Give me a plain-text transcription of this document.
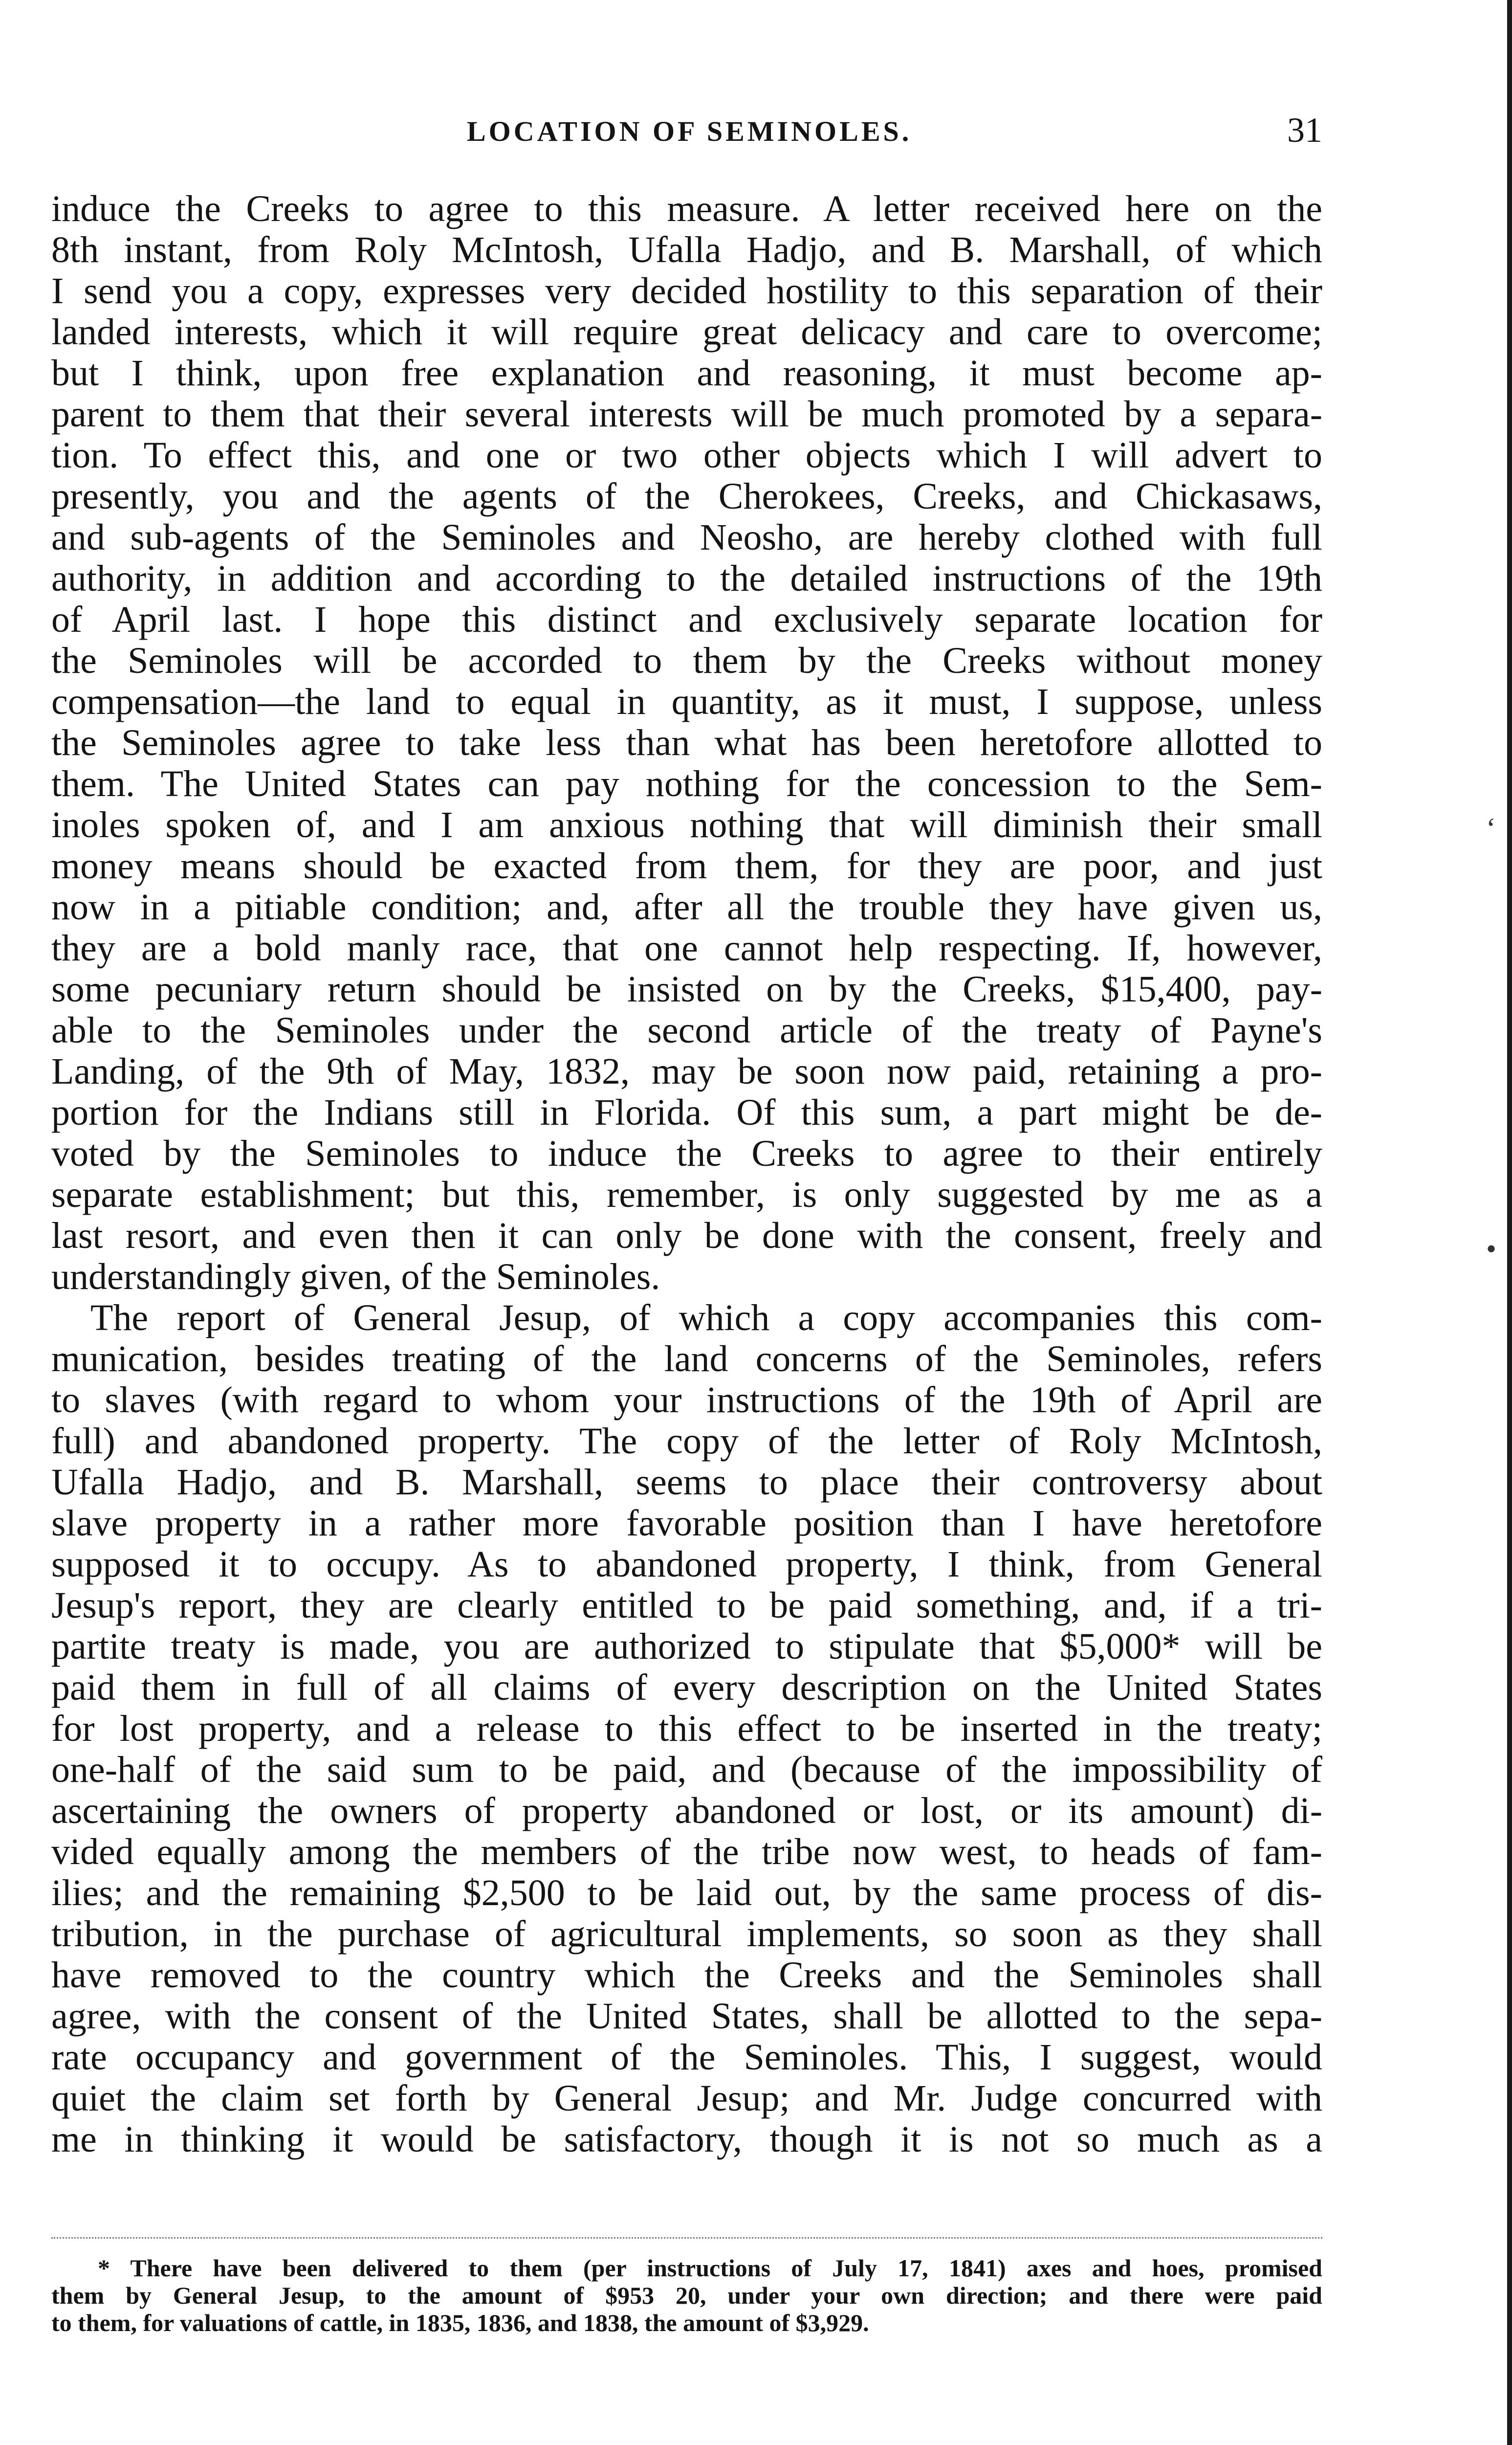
LOCATION OF SEMINOLES.	31
induce the Creeks to agree to this measure. A letter received here on the
8th instant, from Roly McIntosh, Ufalla Hadjo, and B. Marshall, of which
I send you a copy, expresses very decided hostility to this separation of their
landed interests, which it will require great delicacy and care to overcome;
but I think, upon free explanation and reasoning, it must become ap-
parent to them that their several interests will be much promoted by a separa-
tion. To effect this, and one or two other objects which I will advert to
presently, you and the agents of the Cherokees, Creeks, and Chickasaws,
and sub-agents of the Seminoles and Neosho, are hereby clothed with full
authority, in addition and according to the detailed instructions of the 19th
of April last. I hope this distinct and exclusively separate location for
the Seminoles will be accorded to them by the Creeks without money
compensation—the land to equal in quantity, as it must, I suppose, unless
the Seminoles agree to take less than what has been heretofore allotted to
them. The United States can pay nothing for the concession to the Sem-
inoles spoken of, and I am anxious nothing that will diminish their small
money means should be exacted from them, for they are poor, and just
now in a pitiable condition; and, after all the trouble they have given us,
they are a bold manly race, that one cannot help respecting. If, however,
some pecuniary return should be insisted on by the Creeks, $15,400, pay-
able to the Seminoles under the second article of the treaty of Payne's
Landing, of the 9th of May, 1832, may be soon now paid, retaining a pro-
portion for the Indians still in Florida. Of this sum, a part might be de-
voted by the Seminoles to induce the Creeks to agree to their entirely
separate establishment; but this, remember, is only suggested by me as a
last resort, and even then it can only be done with the consent, freely and
understandingly given, of the Seminoles.
The report of General Jesup, of which a copy accompanies this com-
munication, besides treating of the land concerns of the Seminoles, refers
to slaves (with regard to whom your instructions of the 19th of April are
full) and abandoned property. The copy of the letter of Roly McIntosh,
Ufalla Hadjo, and B. Marshall, seems to place their controversy about
slave property in a rather more favorable position than I have heretofore
supposed it to occupy. As to abandoned property, I think, from General
Jesup's report, they are clearly entitled to be paid something, and, if a tri-
partite treaty is made, you are authorized to stipulate that $5,000* will be
paid them in full of all claims of every description on the United States
for lost property, and a release to this effect to be inserted in the treaty;
one-half of the said sum to be paid, and (because of the impossibility of
ascertaining the owners of property abandoned or lost, or its amount) di-
vided equally among the members of the tribe now west, to heads of fam-
ilies; and the remaining $2,500 to be laid out, by the same process of dis-
tribution, in the purchase of agricultural implements, so soon as they shall
have removed to the country which the Creeks and the Seminoles shall
agree, with the consent of the United States, shall be allotted to the sepa-
rate occupancy and government of the Seminoles. This, I suggest, would
quiet the claim set forth by General Jesup; and Mr. Judge concurred with
me in thinking it would be satisfactory, though it is not so much as a
* There have been delivered to them (per instructions of July 17, 1841) axes and hoes, promised
them by General Jesup, to the amount of $953 20, under your own direction; and there were paid
to them, for valuations of cattle, in 1835, 1836, and 1838, the amount of $3,929.
‘
•
